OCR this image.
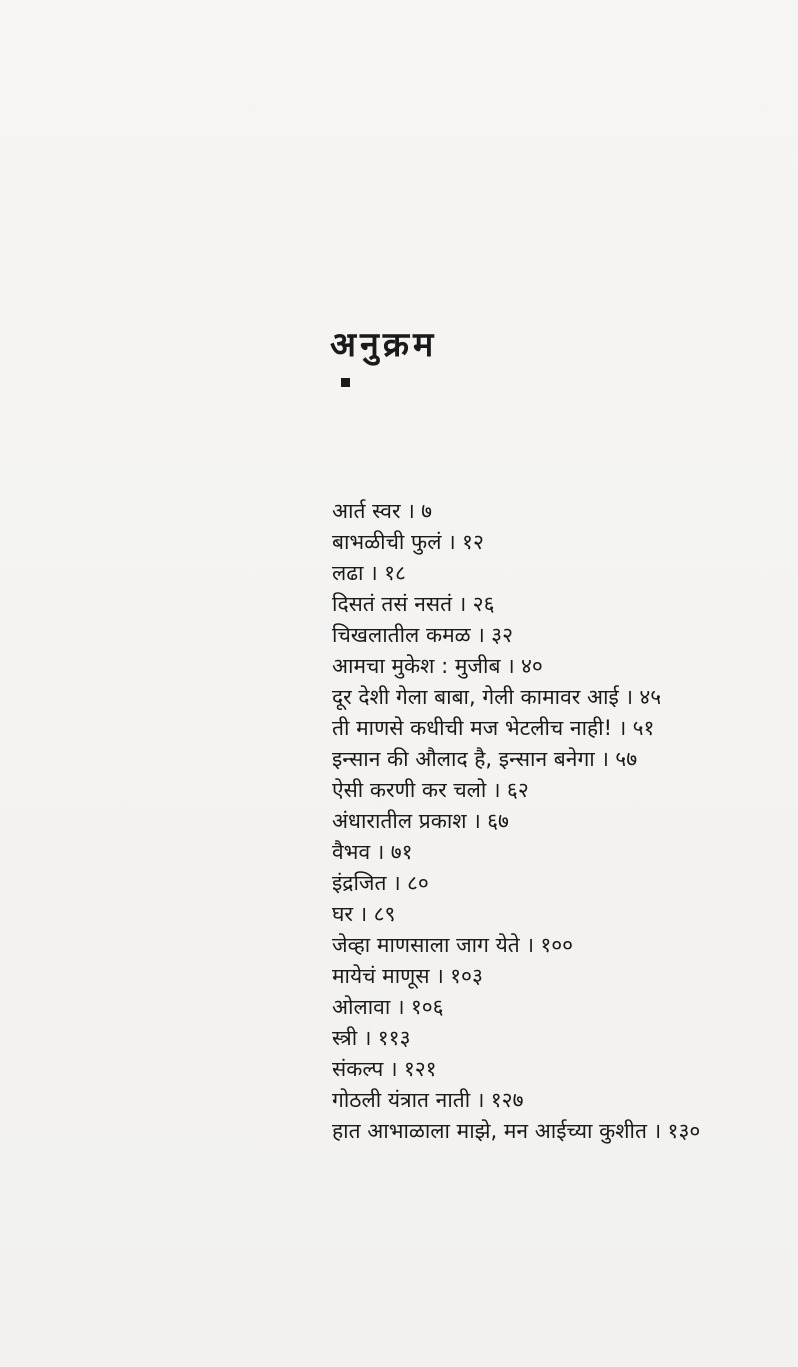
अनुक्रम
आर्त स्वर । ७
बाभळीची फुलं । १२
लढा । १८
दिसतं तसं नसतं । २६
चिखलातील कमळ । ३२
आमचा मुकेश : मुजीब । ४०
दूर देशी गेला बाबा, गेली कामावर आई । ४५
ती माणसे कधीची मज भेटलीच नाही! । ५१
इन्सान की औलाद है, इन्सान बनेगा । ५७
ऐसी करणी कर चलो । ६२
अंधारातील प्रकाश । ६७
वैभव । ७१
इंद्रजित । ८०
घर । ८९
जेव्हा माणसाला जाग येते । १००
मायेचं माणूस । १०३
ओलावा । १०६
स्त्री । ११३
संकल्प । १२१
गोठली यंत्रात नाती । १२७
हात आभाळाला माझे, मन आईच्या कुशीत । १३०
